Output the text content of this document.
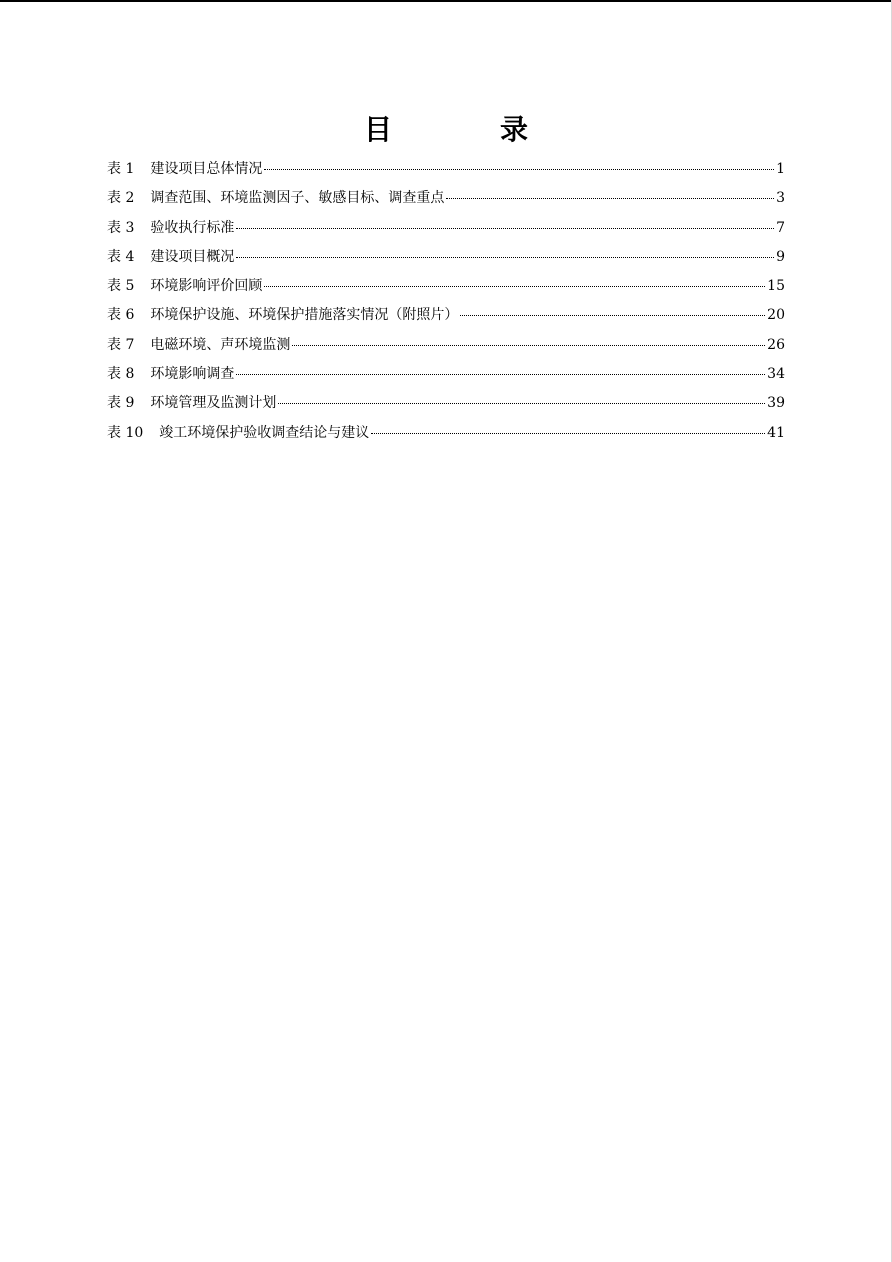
目　录
表 1 建设项目总体情况	1
表 2 调查范围、环境监测因子、敏感目标、调查重点	3
表 3 验收执行标准	7
表 4 建设项目概况	9
表 5 环境影响评价回顾	15
表 6 环境保护设施、环境保护措施落实情况（附照片）	20
表 7 电磁环境、声环境监测	26
表 8 环境影响调查	34
表 9 环境管理及监测计划	39
表 10 竣工环境保护验收调查结论与建议	41
